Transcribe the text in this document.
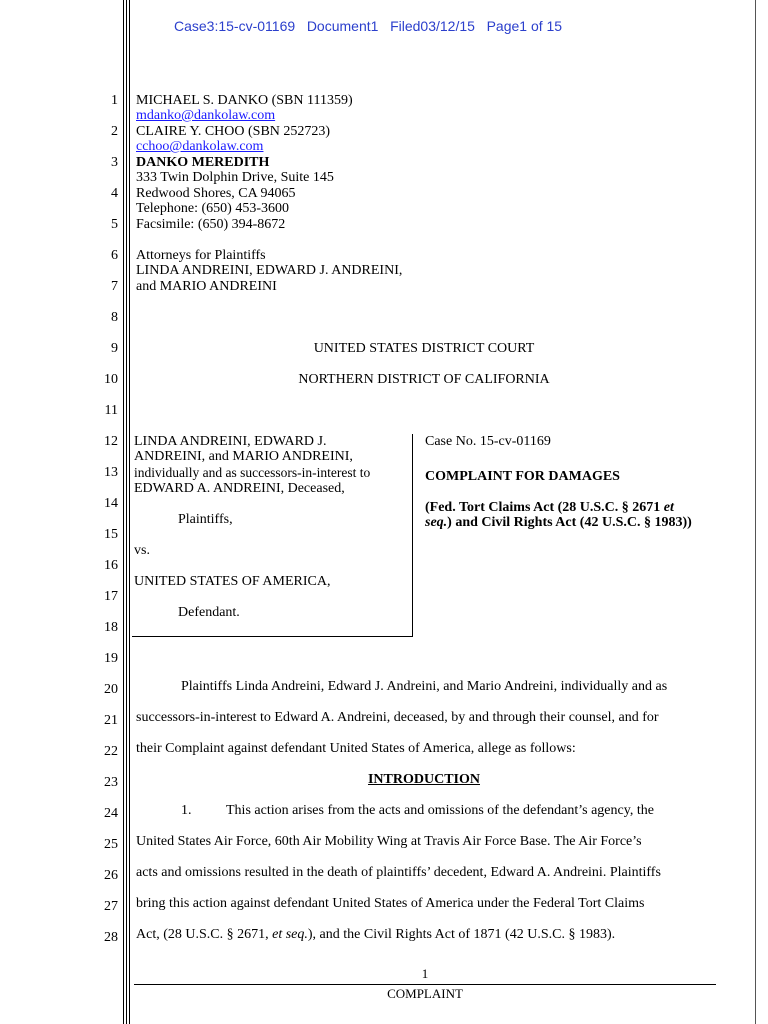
Case3:15-cv-01169   Document1   Filed03/12/15   Page1 of 15
1
2
3
4
5
6
7
8
9
10
11
12
13
14
15
16
17
18
19
20
21
22
23
24
25
26
27
28
MICHAEL S. DANKO (SBN 111359)
mdanko@dankolaw.com
CLAIRE Y. CHOO (SBN 252723)
cchoo@dankolaw.com
DANKO MEREDITH
333 Twin Dolphin Drive, Suite 145
Redwood Shores, CA 94065
Telephone: (650) 453-3600
Facsimile: (650) 394-8672
Attorneys for Plaintiffs
LINDA ANDREINI, EDWARD J. ANDREINI,
and MARIO ANDREINI
UNITED STATES DISTRICT COURT
NORTHERN DISTRICT OF CALIFORNIA
LINDA ANDREINI, EDWARD J.
ANDREINI, and MARIO ANDREINI,
individually and as successors-in-interest to
EDWARD A. ANDREINI, Deceased,
Plaintiffs,
vs.
UNITED STATES OF AMERICA,
Defendant.
Case No. 15-cv-01169
COMPLAINT FOR DAMAGES
(Fed. Tort Claims Act (28 U.S.C. § 2671 et
seq.) and Civil Rights Act (42 U.S.C. § 1983))
Plaintiffs Linda Andreini, Edward J. Andreini, and Mario Andreini, individually and as
successors-in-interest to Edward A. Andreini, deceased, by and through their counsel, and for
their Complaint against defendant United States of America, allege as follows:
INTRODUCTION
1. This action arises from the acts and omissions of the defendant’s agency, the
United States Air Force, 60th Air Mobility Wing at Travis Air Force Base. The Air Force’s
acts and omissions resulted in the death of plaintiffs’ decedent, Edward A. Andreini. Plaintiffs
bring this action against defendant United States of America under the Federal Tort Claims
Act, (28 U.S.C. § 2671, et seq.), and the Civil Rights Act of 1871 (42 U.S.C. § 1983).
1
COMPLAINT
